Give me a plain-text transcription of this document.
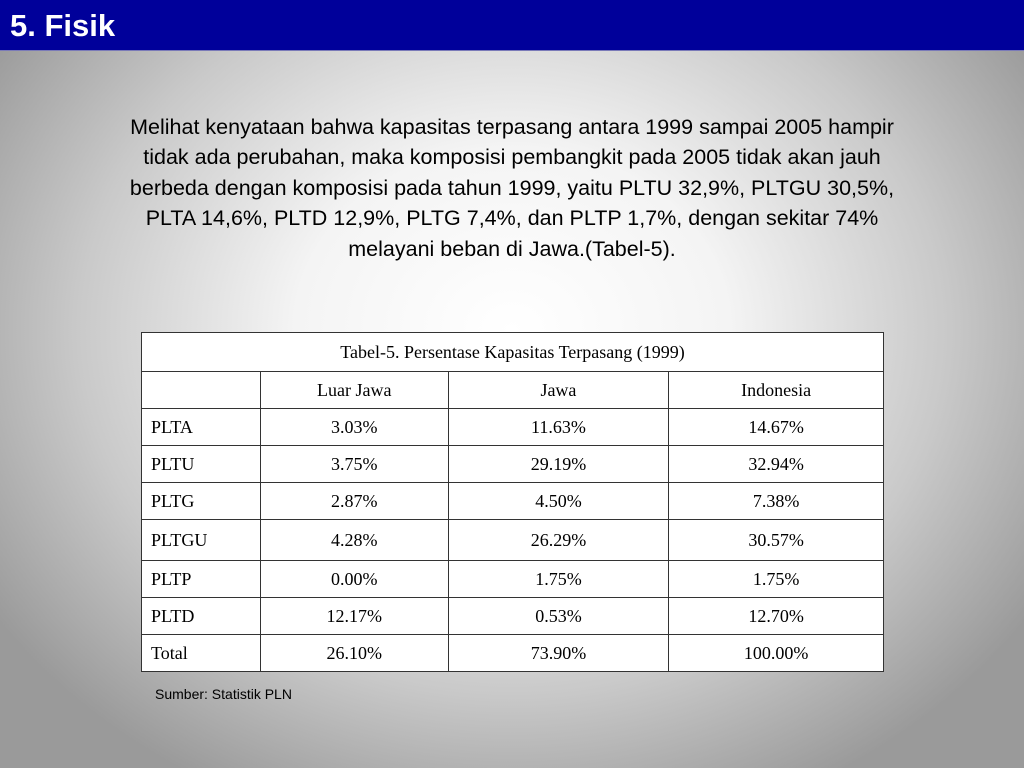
5. Fisik
Melihat kenyataan bahwa kapasitas terpasang antara 1999 sampai 2005 hampir tidak ada perubahan, maka komposisi pembangkit pada 2005 tidak akan jauh berbeda dengan komposisi pada tahun 1999, yaitu PLTU 32,9%, PLTGU 30,5%, PLTA 14,6%, PLTD 12,9%, PLTG 7,4%, dan PLTP 1,7%, dengan sekitar 74% melayani beban di Jawa.(Tabel-5).
Tabel-5. Persentase Kapasitas Terpasang (1999)			
	Luar Jawa	Jawa	Indonesia
PLTA	3.03%	11.63%	14.67%
PLTU	3.75%	29.19%	32.94%
PLTG	2.87%	4.50%	7.38%
PLTGU	4.28%	26.29%	30.57%
PLTP	0.00%	1.75%	1.75%
PLTD	12.17%	0.53%	12.70%
Total	26.10%	73.90%	100.00%
Sumber: Statistik PLN
